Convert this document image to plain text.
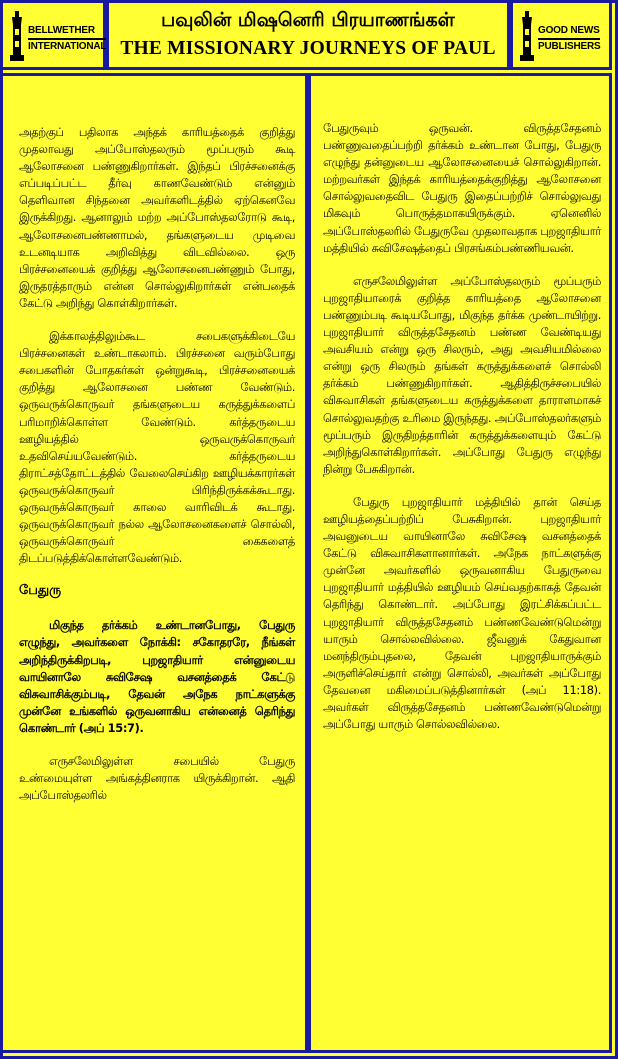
BELLWETHER
INTERNATIONAL
பவுலின் மிஷனெரி பிரயாணங்கள்
THE MISSIONARY JOURNEYS OF PAUL
GOOD NEWS
PUBLISHERS

அதற்குப் பதிலாக அந்தக் காரியத்தைக் குறித்து முதலாவது அப்போஸ்தலரும் மூப்பரும் கூடி ஆலோசனை பண்ணுகிறார்கள். இந்தப் பிரச்சனைக்கு எப்படிப்பட்ட தீர்வு காணவேண்டும் என்னும் தெளிவான சிந்தனை அவர்களிடத்தில் ஏற்கெனவே இருக்கிறது. ஆனாலும் மற்ற அப்போஸ்தலரோடு கூடி, ஆலோசனைபண்ணாமல், தங்களுடைய முடிவை உடனடியாக அறிவித்து விடவில்லை. ஒரு பிரச்சனையைக் குறித்து ஆலோசனைபண்ணும் போது, இருதரத்தாரும் என்ன சொல்லுகிறார்கள் என்பதைக் கேட்டு அறிந்து கொள்கிறார்கள்.

இக்காலத்திலும்கூட சபைகளுக்கிடையே பிரச்சனைகள் உண்டாகலாம். பிரச்சனை வரும்போது சபைகளின் போதகர்கள் ஒன்றுகூடி, பிரச்சனையைக் குறித்து ஆலோசனை பண்ண வேண்டும். ஒருவருக்கொருவர் தங்களுடைய கருத்துக்களைப் பரிமாறிக்கொள்ள வேண்டும். கர்த்தருடைய ஊழியத்தில் ஒருவருக்கொருவர் உதவிசெய்யவேண்டும். கர்த்தருடைய திராட்சத்தோட்டத்தில் வேலைசெய்கிற ஊழியக்காரர்கள் ஒருவருக்கொருவர் பிரிந்திருக்கக்கூடாது. ஒருவருக்கொருவர் காலை வாரிவிடக் கூடாது. ஒருவருக்கொருவர் நல்ல ஆலோசனைகளைச் சொல்லி, ஒருவருக்கொருவர் கைகளைத் திடப்படுத்திக்கொள்ளவேண்டும்.

பேதுரு

மிகுந்த தர்க்கம் உண்டானபோது, பேதுரு எழுந்து, அவர்களை நோக்கி: சகோதரரே, நீங்கள் அறிந்திருக்கிறபடி, புறஜாதியார் என்னுடைய வாயினாலே சுவிசேஷ வசனத்தைக் கேட்டு விசுவாசிக்கும்படி, தேவன் அநேக நாட்களுக்கு முன்னே உங்களில் ஒருவனாகிய என்னைத் தெரிந்து கொண்டார் (அப் 15:7).

எருசலேமிலுள்ள சபையில் பேதுரு உண்மையுள்ள அங்கத்தினராக யிருக்கிறான். ஆதி அப்போஸ்தலரில்

பேதுருவும் ஒருவன். விருத்தசேதனம் பண்ணுவதைப்பற்றி தர்க்கம் உண்டான போது, பேதுரு எழுந்து தன்னுடைய ஆலோசனையைச் சொல்லுகிறான். மற்றவர்கள் இந்தக் காரியத்தைக்குறித்து ஆலோசனை சொல்லுவதைவிட பேதுரு இதைப்பற்றிச் சொல்லுவது மிகவும் பொருத்தமாகயிருக்கும். ஏனெனில் அப்போஸ்தலரில் பேதுருவே முதலாவதாக புறஜாதியார் மத்தியில் சுவிசேஷத்தைப் பிரசங்கம்பண்ணியவன்.

எருசலேமிலுள்ள அப்போஸ்தலரும் மூப்பரும் புறஜாதியாரைக் குறித்த காரியத்தை ஆலோசனை பண்ணும்படி கூடியபோது, மிகுந்த தர்க்க முண்டாயிற்று. புறஜாதியார் விருத்தசேதனம் பண்ண வேண்டியது அவசியம் என்று ஒரு சிலரும், அது அவசியமில்லை என்று ஒரு சிலரும் தங்கள் கருத்துக்களைச் சொல்லி தர்க்கம் பண்ணுகிறார்கள். ஆதித்திருச்சபையில் விசுவாசிகள் தங்களுடைய கருத்துக்களை தாராளமாகச் சொல்லுவதற்கு உரிமை இருந்தது. அப்போஸ்தலர்களும் மூப்பரும் இருதிறத்தாரின் கருத்துக்களையும் கேட்டு அறிந்துகொள்கிறார்கள். அப்போது பேதுரு எழுந்து நின்று பேசுகிறான்.

பேதுரு புறஜாதியார் மத்தியில் தான் செய்த ஊழியத்தைப்பற்றிப் பேசுகிறான். புறஜாதியார் அவனுடைய வாயினாலே சுவிசேஷ வசனத்தைக் கேட்டு விசுவாசிகளானார்கள். அநேக நாட்களுக்கு முன்னே அவர்களில் ஒருவனாகிய பேதுருவை புறஜாதியார் மத்தியில் ஊழியம் செய்வதற்காகத் தேவன் தெரிந்து கொண்டார். அப்போது இரட்சிக்கப்பட்ட புறஜாதியார் விருத்தசேதனம் பண்ணவேண்டுமென்று யாரும் சொல்லவில்லை. ஜீவனுக் கேதுவான மனந்திரும்புதலை, தேவன் புறஜாதியாருக்கும் அருளிச்செய்தார் என்று சொல்லி, அவர்கள் அப்போது தேவனை மகிமைப்படுத்தினார்கள் (அப் 11:18). அவர்கள் விருத்தசேதனம் பண்ணவேண்டுமென்று அப்போது யாரும் சொல்லவில்லை.
